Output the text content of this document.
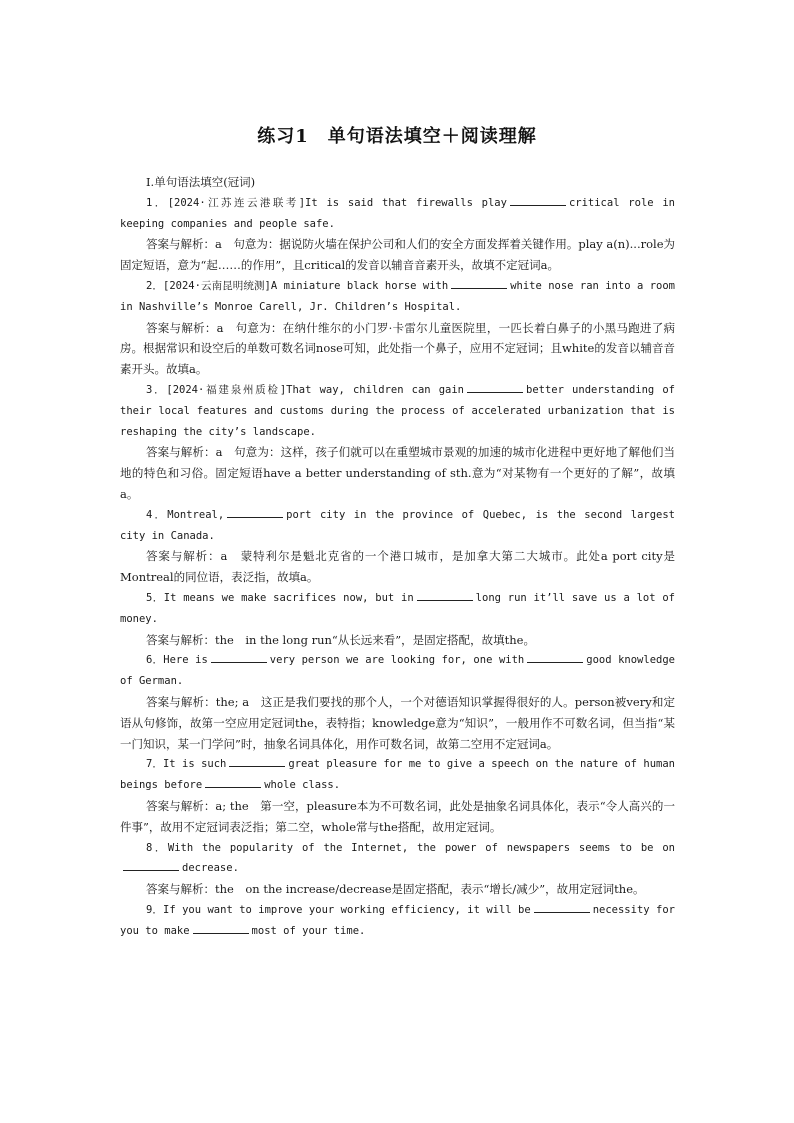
练习1　单句语法填空＋阅读理解

Ⅰ.单句语法填空(冠词)

1．[2024·江苏连云港联考]It is said that firewalls play	critical role in keeping companies and people safe.

答案与解析：a　句意为：据说防火墙在保护公司和人们的安全方面发挥着关键作用。play a(n)...role为固定短语，意为“起……的作用”，且critical的发音以辅音音素开头，故填不定冠词a。

2．[2024·云南昆明统测]A miniature black horse with	white nose ran into a room in Nashville’s Monroe Carell, Jr. Children’s Hospital.

答案与解析：a　句意为：在纳什维尔的小门罗·卡雷尔儿童医院里，一匹长着白鼻子的小黑马跑进了病房。根据常识和设空后的单数可数名词nose可知，此处指一个鼻子，应用不定冠词；且white的发音以辅音音素开头。故填a。

3．[2024·福建泉州质检]That way, children can gain	better understanding of their local features and customs during the process of accelerated urbanization that is reshaping the city’s landscape.

答案与解析：a　句意为：这样，孩子们就可以在重塑城市景观的加速的城市化进程中更好地了解他们当地的特色和习俗。固定短语have a better understanding of sth.意为“对某物有一个更好的了解”，故填a。

4．Montreal,	port city in the province of Quebec, is the second largest city in Canada.

答案与解析：a　蒙特利尔是魁北克省的一个港口城市，是加拿大第二大城市。此处a port city是Montreal的同位语，表泛指，故填a。

5．It means we make sacrifices now, but in	long run it’ll save us a lot of money.

答案与解析：the　in the long run“从长远来看”，是固定搭配，故填the。

6．Here is	very person we are looking for, one with	good knowledge of German.

答案与解析：the; a　这正是我们要找的那个人，一个对德语知识掌握得很好的人。person被very和定语从句修饰，故第一空应用定冠词the，表特指；knowledge意为“知识”，一般用作不可数名词，但当指“某一门知识，某一门学问”时，抽象名词具体化，用作可数名词，故第二空用不定冠词a。

7．It is such	great pleasure for me to give a speech on the nature of human beings before	whole class.

答案与解析：a; the　第一空，pleasure本为不可数名词，此处是抽象名词具体化，表示“令人高兴的一件事”，故用不定冠词表泛指；第二空，whole常与the搭配，故用定冠词。

8．With the popularity of the Internet, the power of newspapers seems to be ondecrease.

答案与解析：the　on the increase/decrease是固定搭配，表示“增长/减少”，故用定冠词the。

9．If you want to improve your working efficiency, it will be	necessity for you to make	most of your time.
